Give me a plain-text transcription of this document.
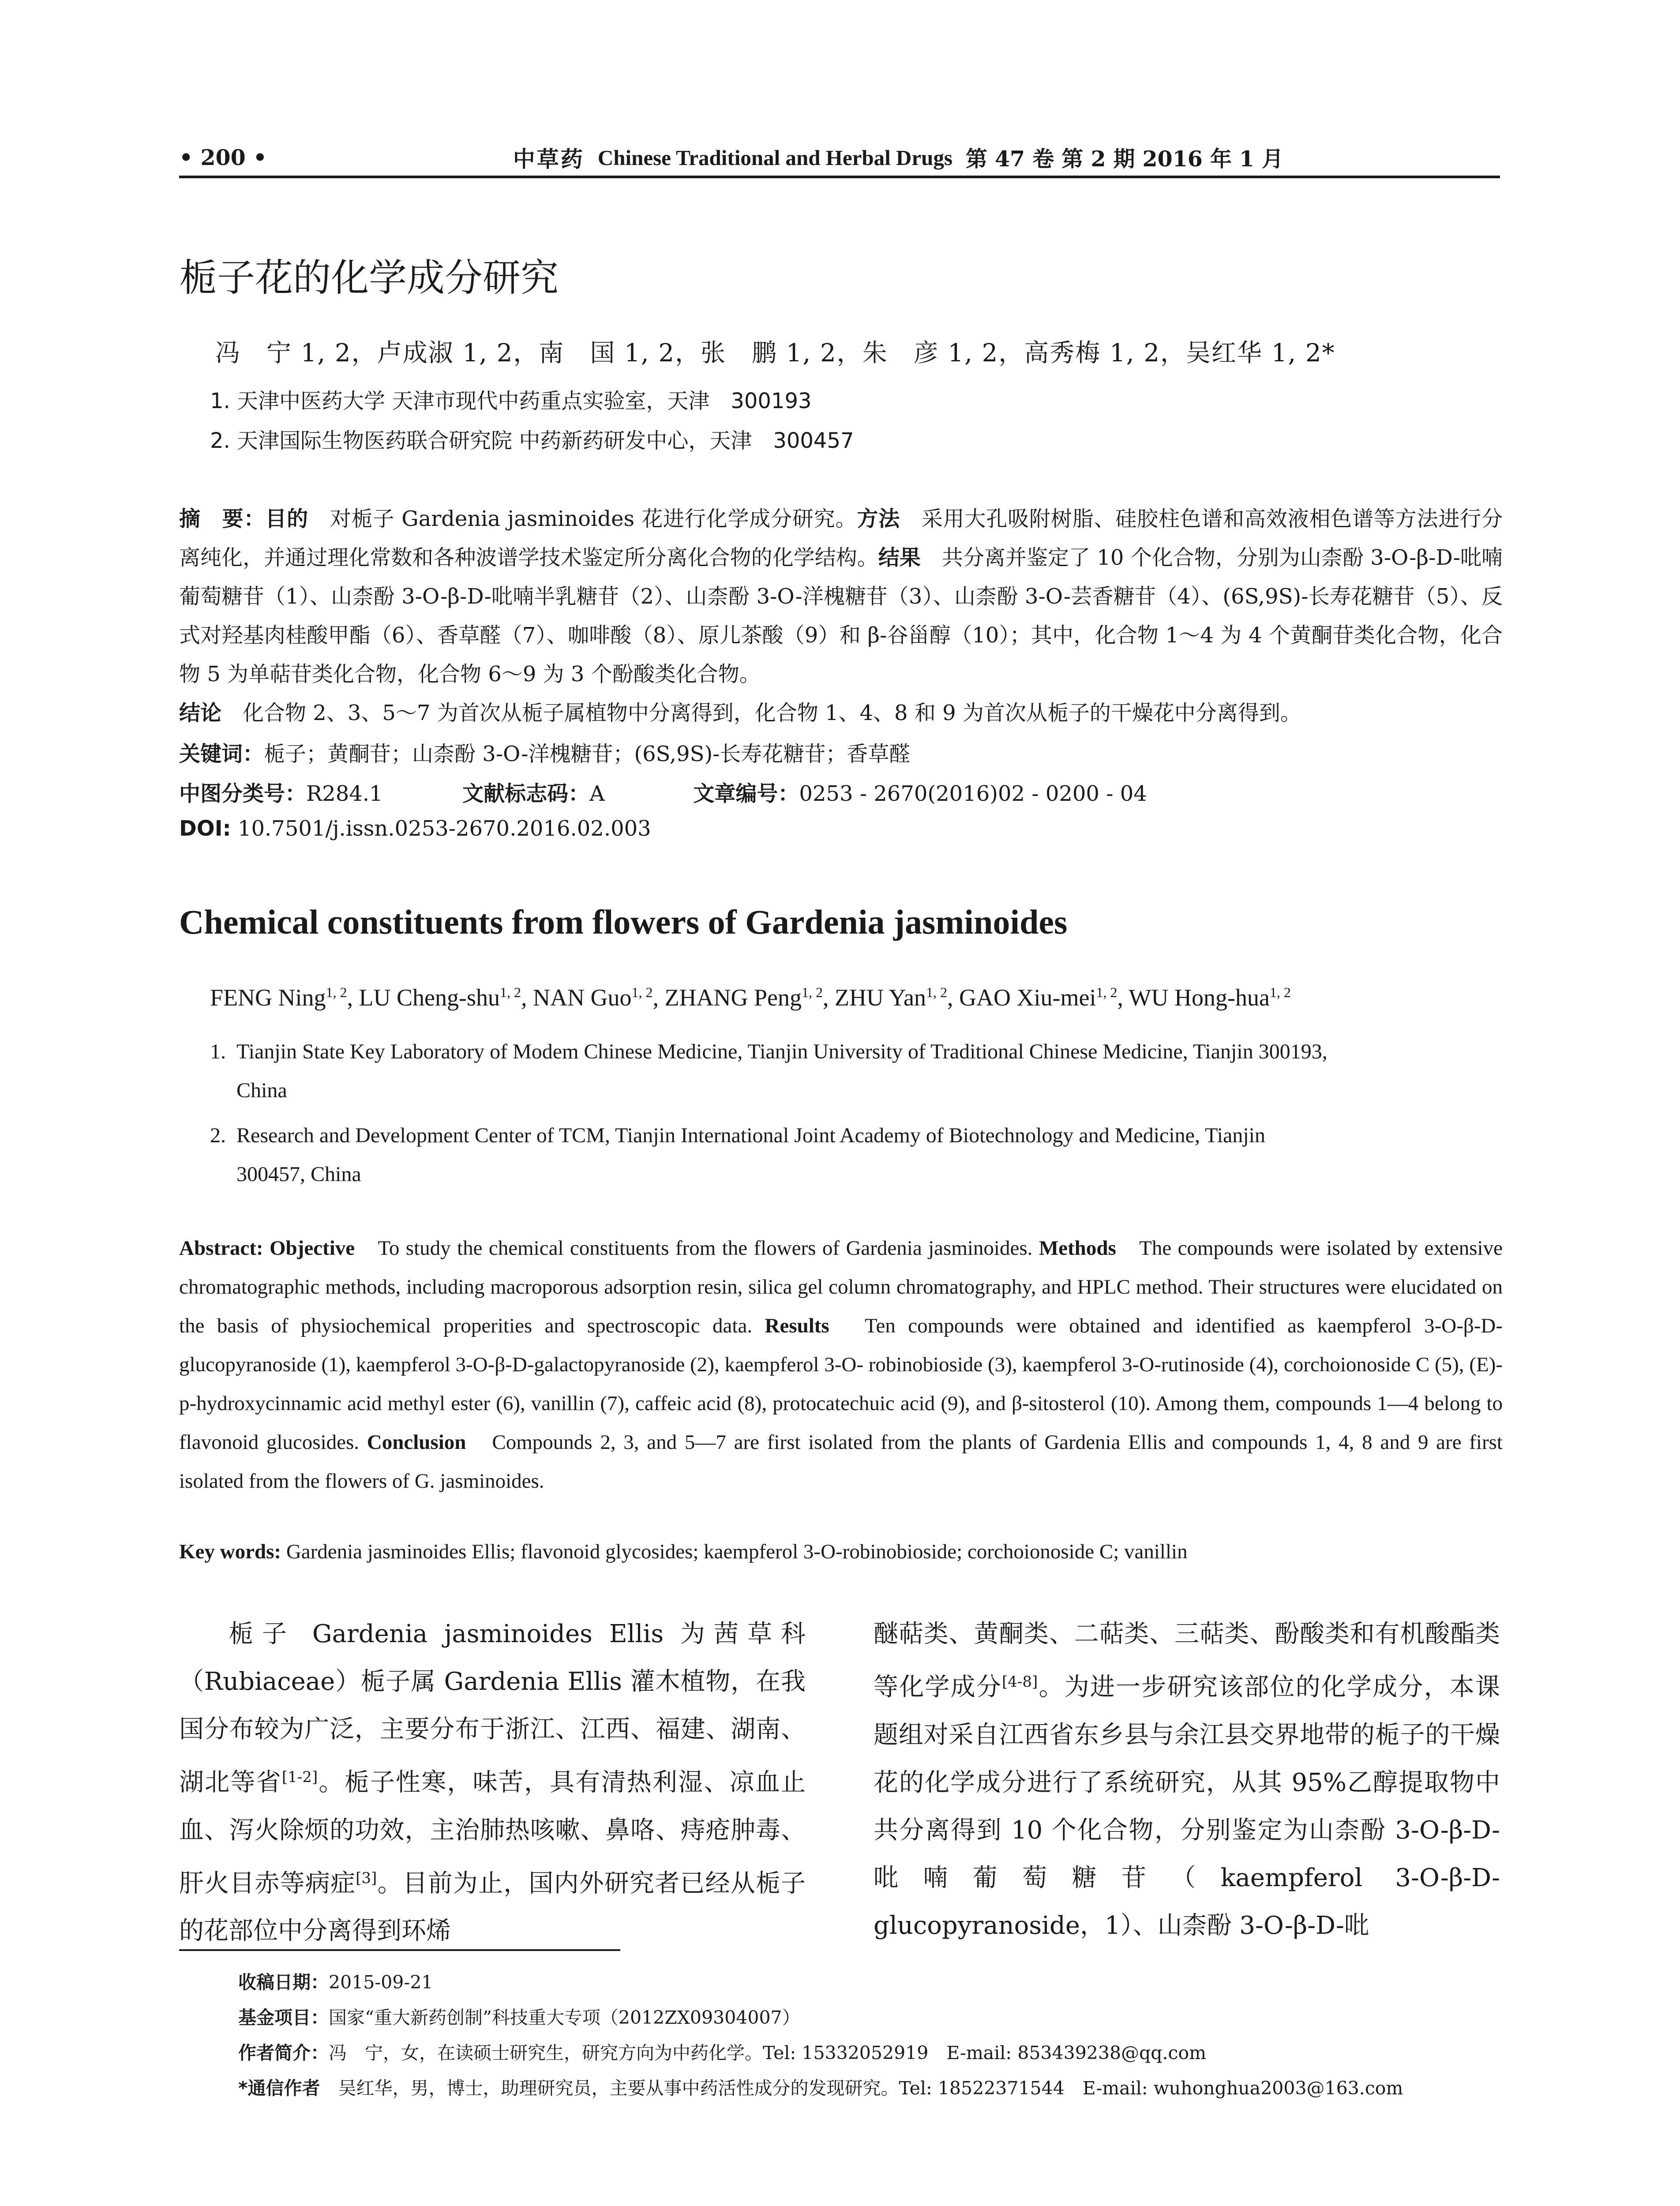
• 200 •	中草药 Chinese Traditional and Herbal Drugs 第 47 卷 第 2 期 2016 年 1 月
栀子花的化学成分研究
冯　宁 1, 2，卢成淑 1, 2，南　国 1, 2，张　鹏 1, 2，朱　彦 1, 2，高秀梅 1, 2，吴红华 1, 2*
1. 天津中医药大学 天津市现代中药重点实验室，天津　300193
2. 天津国际生物医药联合研究院 中药新药研发中心，天津　300457
摘　要：目的　对栀子 Gardenia jasminoides 花进行化学成分研究。方法　采用大孔吸附树脂、硅胶柱色谱和高效液相色谱等方法进行分离纯化，并通过理化常数和各种波谱学技术鉴定所分离化合物的化学结构。结果　共分离并鉴定了 10 个化合物，分别为山柰酚 3-O-β-D-吡喃葡萄糖苷（1）、山柰酚 3-O-β-D-吡喃半乳糖苷（2）、山柰酚 3-O-洋槐糖苷（3）、山柰酚 3-O-芸香糖苷（4）、(6S,9S)-长寿花糖苷（5）、反式对羟基肉桂酸甲酯（6）、香草醛（7）、咖啡酸（8）、原儿茶酸（9）和 β-谷甾醇（10）；其中，化合物 1～4 为 4 个黄酮苷类化合物，化合物 5 为单萜苷类化合物，化合物 6～9 为 3 个酚酸类化合物。
结论　化合物 2、3、5～7 为首次从栀子属植物中分离得到，化合物 1、4、8 和 9 为首次从栀子的干燥花中分离得到。
关键词：栀子；黄酮苷；山柰酚 3-O-洋槐糖苷；(6S,9S)-长寿花糖苷；香草醛
中图分类号：R284.1	文献标志码：A	文章编号：0253 - 2670(2016)02 - 0200 - 04
DOI: 10.7501/j.issn.0253-2670.2016.02.003
Chemical constituents from flowers of Gardenia jasminoides
FENG Ning$^{1, 2}$, LU Cheng-shu$^{1, 2}$, NAN Guo$^{1, 2}$, ZHANG Peng$^{1, 2}$, ZHU Yan$^{1, 2}$, GAO Xiu-mei$^{1, 2}$, WU Hong-hua$^{1, 2}$
1. Tianjin State Key Laboratory of Modem Chinese Medicine, Tianjin University of Traditional Chinese Medicine, Tianjin 300193,
China
2. Research and Development Center of TCM, Tianjin International Joint Academy of Biotechnology and Medicine, Tianjin
300457, China
Abstract: Objective　To study the chemical constituents from the flowers of Gardenia jasminoides. Methods　The compounds were isolated by extensive chromatographic methods, including macroporous adsorption resin, silica gel column chromatography, and HPLC method. Their structures were elucidated on the basis of physiochemical properities and spectroscopic data. Results　Ten compounds were obtained and identified as kaempferol 3-O-β-D-glucopyranoside (1), kaempferol 3-O-β-D-galactopyranoside (2), kaempferol 3-O- robinobioside (3), kaempferol 3-O-rutinoside (4), corchoionoside C (5), (E)-p-hydroxycinnamic acid methyl ester (6), vanillin (7), caffeic acid (8), protocatechuic acid (9), and β-sitosterol (10). Among them, compounds 1—4 belong to flavonoid glucosides. Conclusion　Compounds 2, 3, and 5—7 are first isolated from the plants of Gardenia Ellis and compounds 1, 4, 8 and 9 are first isolated from the flowers of G. jasminoides.
Key words: Gardenia jasminoides Ellis; flavonoid glycosides; kaempferol 3-O-robinobioside; corchoionoside C; vanillin

栀子 Gardenia jasminoides Ellis 为茜草科（Rubiaceae）栀子属 Gardenia Ellis 灌木植物，在我国分布较为广泛，主要分布于浙江、江西、福建、湖南、湖北等省[1-2]。栀子性寒，味苦，具有清热利湿、凉血止血、泻火除烦的功效，主治肺热咳嗽、鼻咯、痔疮肿毒、肝火目赤等病症[3]。目前为止，国内外研究者已经从栀子的花部位中分离得到环烯

醚萜类、黄酮类、二萜类、三萜类、酚酸类和有机酸酯类等化学成分[4-8]。为进一步研究该部位的化学成分，本课题组对采自江西省东乡县与余江县交界地带的栀子的干燥花的化学成分进行了系统研究，从其 95%乙醇提取物中共分离得到 10 个化合物，分别鉴定为山柰酚 3-O-β-D-吡喃葡萄糖苷（kaempferol 3-O-β-D-glucopyranoside，1）、山柰酚 3-O-β-D-吡

收稿日期：2015-09-21
基金项目：国家“重大新药创制”科技重大专项（2012ZX09304007）
作者简介：冯　宁，女，在读硕士研究生，研究方向为中药化学。Tel: 15332052919　E-mail: 853439238@qq.com
*通信作者　吴红华，男，博士，助理研究员，主要从事中药活性成分的发现研究。Tel: 18522371544　E-mail: wuhonghua2003@163.com
